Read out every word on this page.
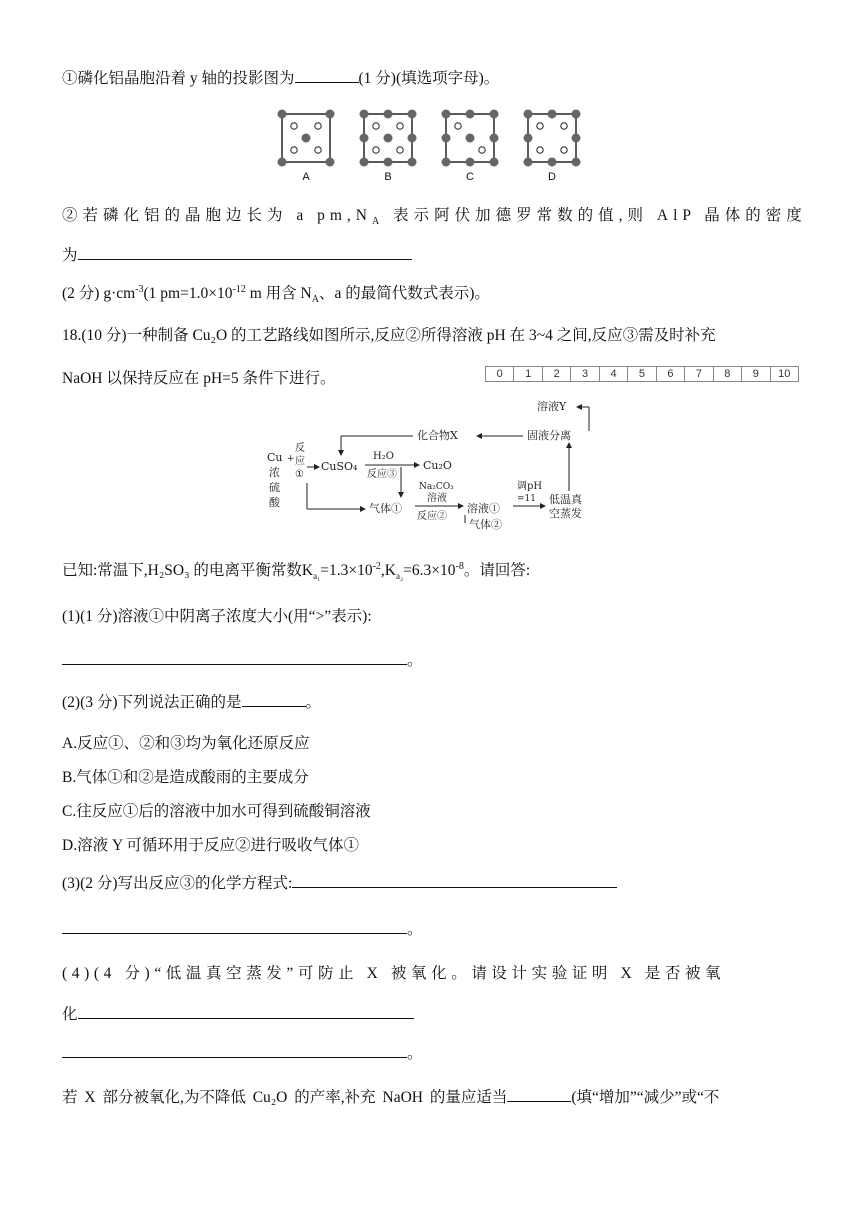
①磷化铝晶胞沿着 y 轴的投影图为	(1 分)(填选项字母)。
A	B	C	D
②若磷化铝的晶胞边长为 a $pm,N_A$ 表示阿伏加德罗常数的值,则 AlP 晶体的密度
为
(2 分) $g\cdot cm^{-3}(1$ $pm=1.0\times 10^{-12}$ m 用含 $N_A$、a 的最简代数式表示)。
18.(10 分)一种制备 Cu₂O 的工艺路线如图所示,反应②所得溶液 pH 在 3~4 之间,反应③需及时补充
NaOH 以保持反应在 pH=5 条件下进行。	0	1	2	3	4	5	6	7	8	9	10
Cu +
浓
硫
酸
反
应
①
CuSO₄
H₂O
反应③
Cu₂O
气体①
Na₂CO₃
溶液
反应②
溶液①
气体②
调pH
=11 低温真
空蒸发
固液分离
化合物X
溶液Y
已知:常温下,H₂SO₃ 的电离平衡常数$K_{a_1}=1.3\times 10^{-2},K_{a_2}=6.3\times 10^{-8}$。请回答:
(1)(1 分)溶液①中阴离子浓度大小(用“>”表示):
。
(2)(3 分)下列说法正确的是	。
A.反应①、②和③均为氧化还原反应
B.气体①和②是造成酸雨的主要成分
C.往反应①后的溶液中加水可得到硫酸铜溶液
D.溶液 Y 可循环用于反应②进行吸收气体①
(3)(2 分)写出反应③的化学方程式:
。
(4)(4 分)“低温真空蒸发”可防止 X 被氧化。请设计实验证明 X 是否被氧
化
。
若 X 部分被氧化,为不降低 Cu₂O 的产率,补充 NaOH 的量应适当	(填“增加”“减少”或“不
